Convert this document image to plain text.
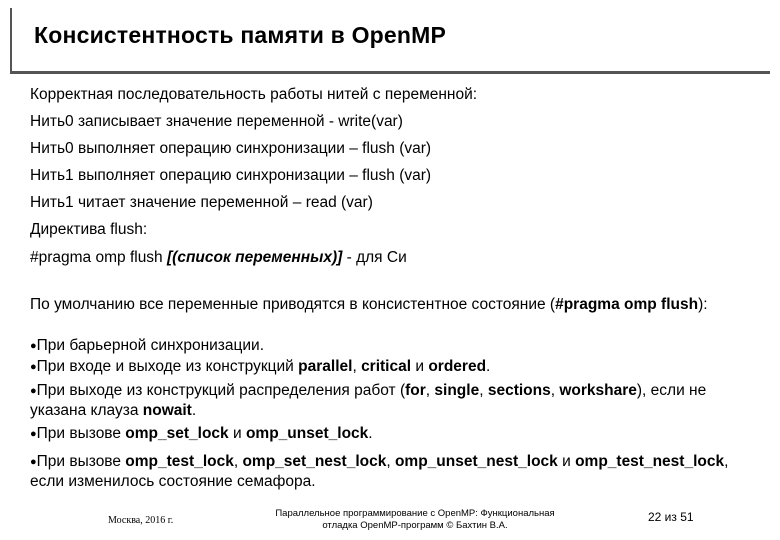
Консистентность памяти в OpenMP
Корректная последовательность работы нитей с переменной:
Нить0 записывает значение переменной - write(var)
Нить0 выполняет операцию синхронизации – flush (var)
Нить1 выполняет операцию синхронизации – flush (var)
Нить1 читает значение переменной – read (var)
Директива flush:
#pragma omp flush [(список переменных)] - для Си
По умолчанию все переменные приводятся в консистентное состояние (#pragma omp flush):
●При барьерной синхронизации.
●При входе и выходе из конструкций parallel, critical и ordered.
●При выходе из конструкций распределения работ (for, single, sections, workshare), если не указана клауза nowait.
●При вызове omp_set_lock и omp_unset_lock.
●При вызове omp_test_lock, omp_set_nest_lock, omp_unset_nest_lock и omp_test_nest_lock, если изменилось состояние семафора.
Москва, 2016 г.
Параллельное программирование с OpenMP: Функциональная
отладка OpenMP-программ © Бахтин В.А.
22 из 51
